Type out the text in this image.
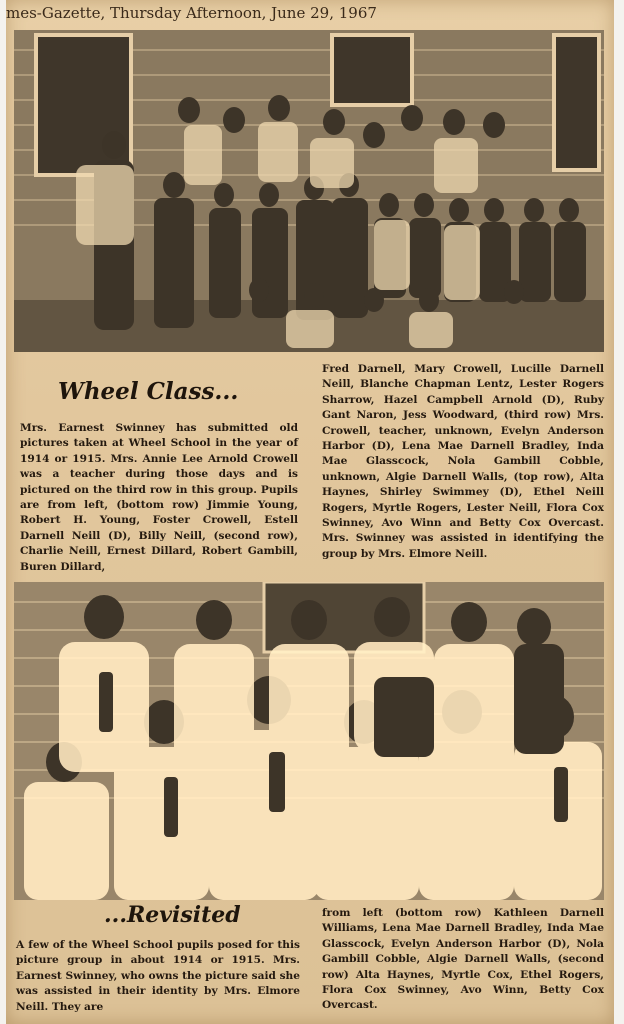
mes-Gazette, Thursday Afternoon, June 29, 1967
Wheel Class...
Mrs. Earnest Swinney has submitted old pictures taken at Wheel School in the year of 1914 or 1915. Mrs. Annie Lee Arnold Crowell was a teacher during those days and is pictured on the third row in this group. Pupils are from left, (bottom row) Jimmie Young, Robert H. Young, Foster Crowell, Estell Darnell Neill (D), Billy Neill, (second row), Charlie Neill, Ernest Dillard, Robert Gambill, Buren Dillard,
Fred Darnell, Mary Crowell, Lucille Darnell Neill, Blanche Chapman Lentz, Lester Rogers Sharrow, Hazel Campbell Arnold (D), Ruby Gant Naron, Jess Woodward, (third row) Mrs. Crowell, teacher, unknown, Evelyn Anderson Harbor (D), Lena Mae Darnell Bradley, Inda Mae Glasscock, Nola Gambill Cobble, unknown, Algie Darnell Walls, (top row), Alta Haynes, Shirley Swimmey (D), Ethel Neill Rogers, Myrtle Rogers, Lester Neill, Flora Cox Swinney, Avo Winn and Betty Cox Overcast. Mrs. Swinney was assisted in identifying the group by Mrs. Elmore Neill.
...Revisited
A few of the Wheel School pupils posed for this picture group in about 1914 or 1915. Mrs. Earnest Swinney, who owns the picture said she was assisted in their identity by Mrs. Elmore Neill. They are
from left (bottom row) Kathleen Darnell Williams, Lena Mae Darnell Bradley, Inda Mae Glasscock, Evelyn Anderson Harbor (D), Nola Gambill Cobble, Algie Darnell Walls, (second row) Alta Haynes, Myrtle Cox, Ethel Rogers, Flora Cox Swinney, Avo Winn, Betty Cox Overcast.
